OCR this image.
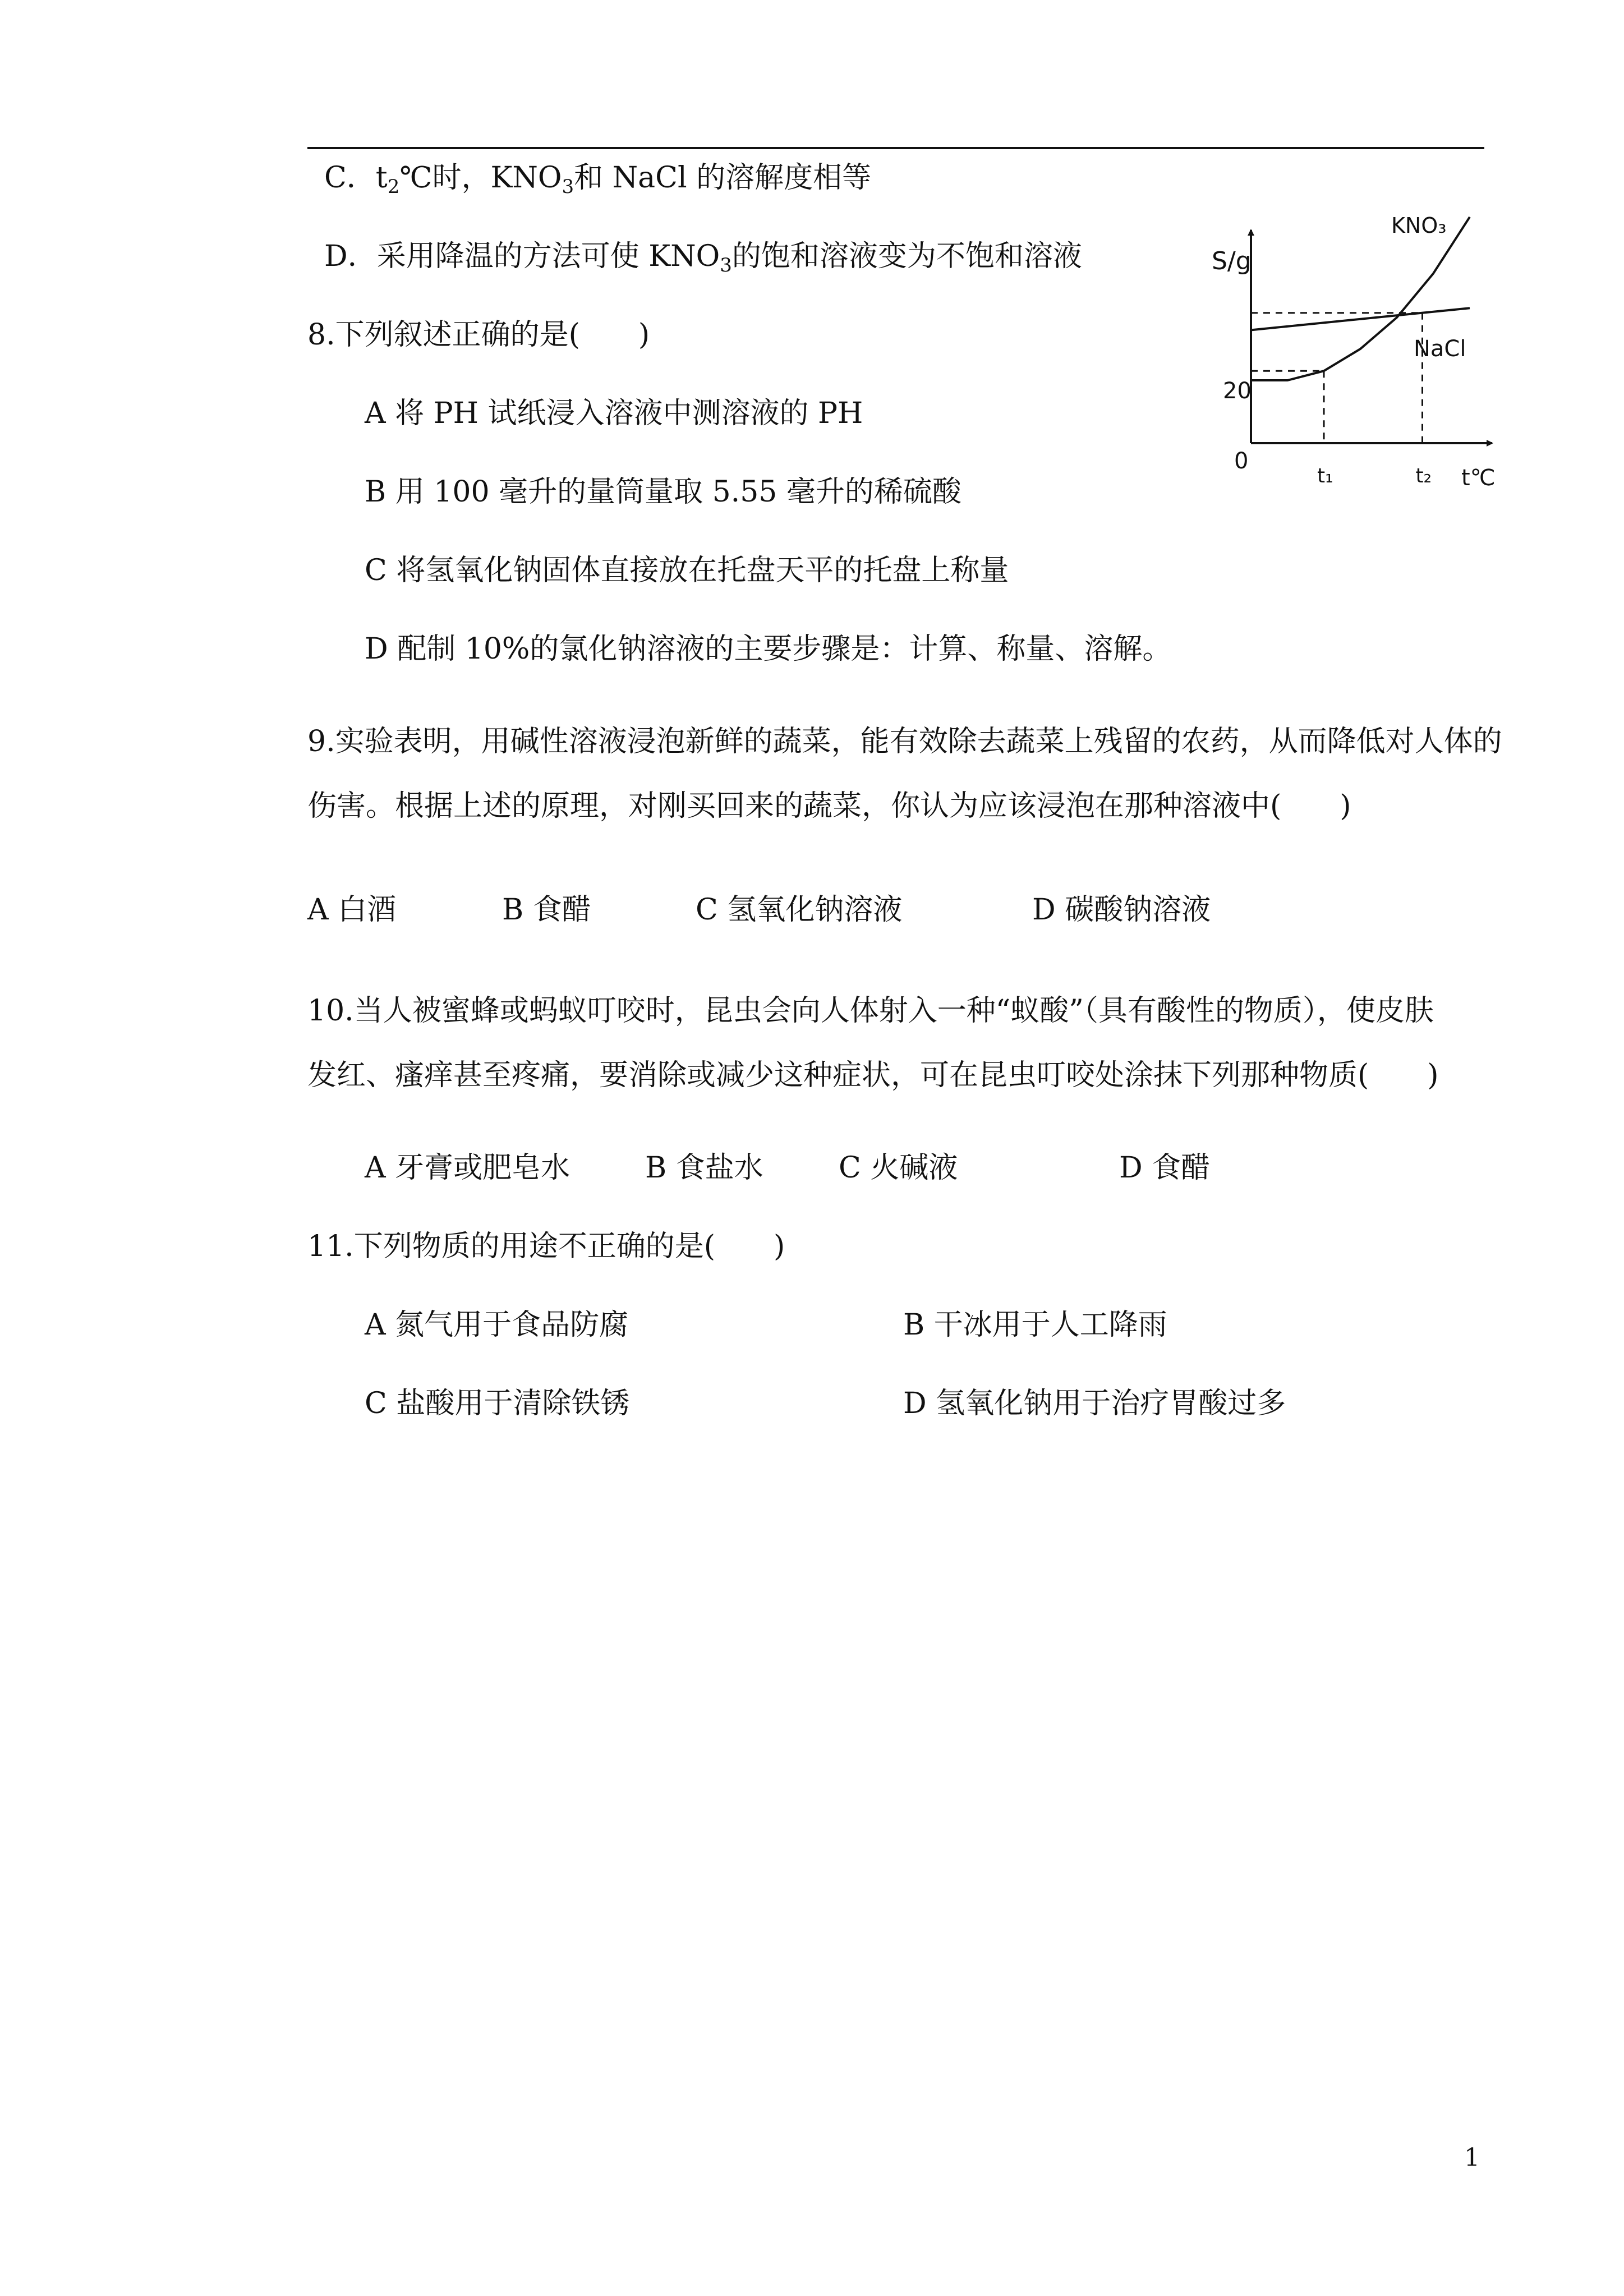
C．$t_2℃$时，$KNO_3$和 NaCl 的溶解度相等
D．采用降温的方法可使 $KNO_3$的饱和溶液变为不饱和溶液	S/g
20
0
t₁	t₂ t℃
KNO₃
NaCl
8.下列叙述正确的是(　　)
A 将 PH 试纸浸入溶液中测溶液的 PH
B 用 100 毫升的量筒量取 5.55 毫升的稀硫酸
C 将氢氧化钠固体直接放在托盘天平的托盘上称量
D 配制 10%的氯化钠溶液的主要步骤是：计算、称量、溶解。
9.实验表明，用碱性溶液浸泡新鲜的蔬菜，能有效除去蔬菜上残留的农药，从而降低对人体的
伤害。根据上述的原理，对刚买回来的蔬菜，你认为应该浸泡在那种溶液中(　　)
A 白酒	B 食醋	C 氢氧化钠溶液	D 碳酸钠溶液
10.当人被蜜蜂或蚂蚁叮咬时，昆虫会向人体射入一种“蚁酸”（具有酸性的物质），使皮肤
发红、瘙痒甚至疼痛，要消除或减少这种症状，可在昆虫叮咬处涂抹下列那种物质(　　)
A 牙膏或肥皂水	B 食盐水	C 火碱液	D 食醋
11.下列物质的用途不正确的是(　　)
A 氮气用于食品防腐	B 干冰用于人工降雨
C 盐酸用于清除铁锈	D 氢氧化钠用于治疗胃酸过多
1
